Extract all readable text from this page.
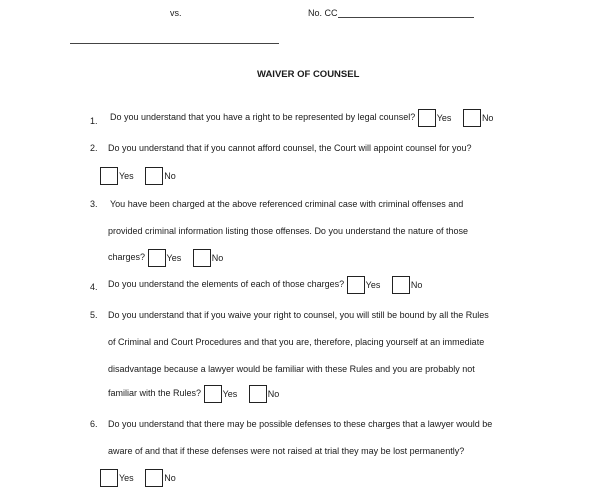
vs.	No. CC
WAIVER OF COUNSEL
1. Do you understand that you have a right to be represented by legal counsel? Yes	No
2. Do you understand that if you cannot afford counsel, the Court will appoint counsel for you?
Yes	No
3. You have been charged at the above referenced criminal case with criminal offenses and
provided criminal information listing those offenses. Do you understand the nature of those
charges? Yes	No
4. Do you understand the elements of each of those charges? Yes	No
5. Do you understand that if you waive your right to counsel, you will still be bound by all the Rules
of Criminal and Court Procedures and that you are, therefore, placing yourself at an immediate
disadvantage because a lawyer would be familiar with these Rules and you are probably not
familiar with the Rules? Yes	No
6. Do you understand that there may be possible defenses to these charges that a lawyer would be
aware of and that if these defenses were not raised at trial they may be lost permanently?
Yes	No
